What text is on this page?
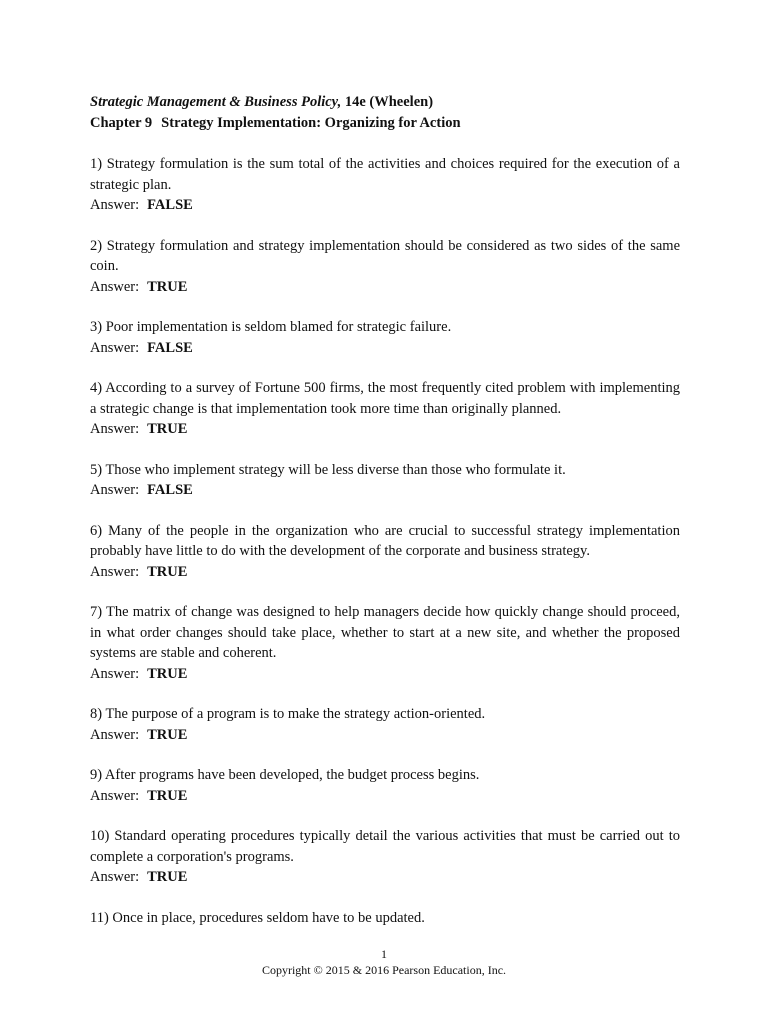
Strategic Management & Business Policy, 14e (Wheelen)
Chapter 9 Strategy Implementation: Organizing for Action
1) Strategy formulation is the sum total of the activities and choices required for the execution of a strategic plan.
Answer: FALSE
2) Strategy formulation and strategy implementation should be considered as two sides of the same coin.
Answer: TRUE
3) Poor implementation is seldom blamed for strategic failure.
Answer: FALSE
4) According to a survey of Fortune 500 firms, the most frequently cited problem with implementing a strategic change is that implementation took more time than originally planned.
Answer: TRUE
5) Those who implement strategy will be less diverse than those who formulate it.
Answer: FALSE
6) Many of the people in the organization who are crucial to successful strategy implementation probably have little to do with the development of the corporate and business strategy.
Answer: TRUE
7) The matrix of change was designed to help managers decide how quickly change should proceed, in what order changes should take place, whether to start at a new site, and whether the proposed systems are stable and coherent.
Answer: TRUE
8) The purpose of a program is to make the strategy action-oriented.
Answer: TRUE
9) After programs have been developed, the budget process begins.
Answer: TRUE
10) Standard operating procedures typically detail the various activities that must be carried out to complete a corporation's programs.
Answer: TRUE
11) Once in place, procedures seldom have to be updated.
1
Copyright © 2015 & 2016 Pearson Education, Inc.
